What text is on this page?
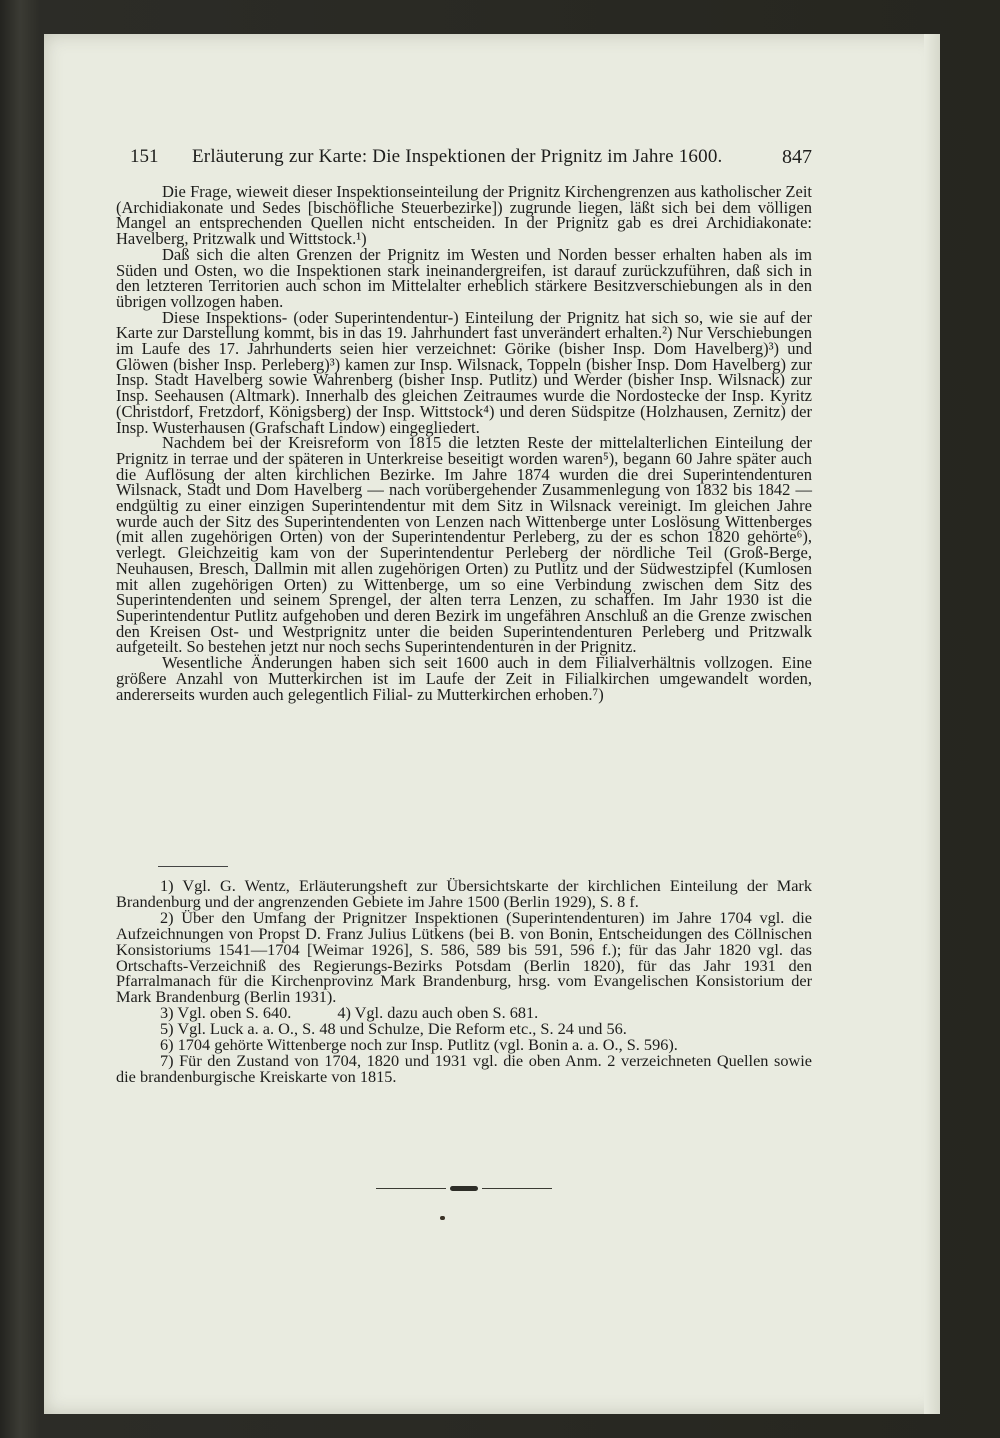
151 Erläuterung zur Karte: Die Inspektionen der Prignitz im Jahre 1600.	847

Die Frage, wieweit dieser Inspektionseinteilung der Prignitz Kirchengrenzen aus katholischer Zeit (Archidiakonate und Sedes [bischöfliche Steuerbezirke]) zugrunde liegen, läßt sich bei dem völligen Mangel an entsprechenden Quellen nicht entscheiden. In der Prignitz gab es drei Archidiakonate: Havelberg, Pritzwalk und Wittstock.¹)

Daß sich die alten Grenzen der Prignitz im Westen und Norden besser erhalten haben als im Süden und Osten, wo die Inspektionen stark ineinandergreifen, ist darauf zurückzuführen, daß sich in den letzteren Territorien auch schon im Mittelalter erheblich stärkere Besitzverschiebungen als in den übrigen vollzogen haben.

Diese Inspektions- (oder Superintendentur-) Einteilung der Prignitz hat sich so, wie sie auf der Karte zur Darstellung kommt, bis in das 19. Jahrhundert fast unverändert erhalten.²) Nur Verschiebungen im Laufe des 17. Jahrhunderts seien hier verzeichnet: Görike (bisher Insp. Dom Havelberg)³) und Glöwen (bisher Insp. Perleberg)³) kamen zur Insp. Wilsnack, Toppeln (bisher Insp. Dom Havelberg) zur Insp. Stadt Havelberg sowie Wahrenberg (bisher Insp. Putlitz) und Werder (bisher Insp. Wilsnack) zur Insp. Seehausen (Altmark). Innerhalb des gleichen Zeitraumes wurde die Nordostecke der Insp. Kyritz (Christdorf, Fretzdorf, Königsberg) der Insp. Wittstock⁴) und deren Südspitze (Holzhausen, Zernitz) der Insp. Wusterhausen (Grafschaft Lindow) eingegliedert.

Nachdem bei der Kreisreform von 1815 die letzten Reste der mittelalterlichen Einteilung der Prignitz in terrae und der späteren in Unterkreise beseitigt worden waren⁵), begann 60 Jahre später auch die Auflösung der alten kirchlichen Bezirke. Im Jahre 1874 wurden die drei Superintendenturen Wilsnack, Stadt und Dom Havelberg — nach vorübergehender Zusammenlegung von 1832 bis 1842 — endgültig zu einer einzigen Superintendentur mit dem Sitz in Wilsnack vereinigt. Im gleichen Jahre wurde auch der Sitz des Superintendenten von Lenzen nach Wittenberge unter Loslösung Wittenberges (mit allen zugehörigen Orten) von der Superintendentur Perleberg, zu der es schon 1820 gehörte⁶), verlegt. Gleichzeitig kam von der Superintendentur Perleberg der nördliche Teil (Groß-Berge, Neuhausen, Bresch, Dallmin mit allen zugehörigen Orten) zu Putlitz und der Südwestzipfel (Kumlosen mit allen zugehörigen Orten) zu Wittenberge, um so eine Verbindung zwischen dem Sitz des Superintendenten und seinem Sprengel, der alten terra Lenzen, zu schaffen. Im Jahr 1930 ist die Superintendentur Putlitz aufgehoben und deren Bezirk im ungefähren Anschluß an die Grenze zwischen den Kreisen Ost- und Westprignitz unter die beiden Superintendenturen Perleberg und Pritzwalk aufgeteilt. So bestehen jetzt nur noch sechs Superintendenturen in der Prignitz.

Wesentliche Änderungen haben sich seit 1600 auch in dem Filialverhältnis vollzogen. Eine größere Anzahl von Mutterkirchen ist im Laufe der Zeit in Filialkirchen umgewandelt worden, andererseits wurden auch gelegentlich Filial- zu Mutterkirchen erhoben.⁷)

1) Vgl. G. Wentz, Erläuterungsheft zur Übersichtskarte der kirchlichen Einteilung der Mark Brandenburg und der angrenzenden Gebiete im Jahre 1500 (Berlin 1929), S. 8 f.

2) Über den Umfang der Prignitzer Inspektionen (Superintendenturen) im Jahre 1704 vgl. die Aufzeichnungen von Propst D. Franz Julius Lütkens (bei B. von Bonin, Entscheidungen des Cöllnischen Konsistoriums 1541—1704 [Weimar 1926], S. 586, 589 bis 591, 596 f.); für das Jahr 1820 vgl. das Ortschafts-Verzeichniß des Regierungs-Bezirks Potsdam (Berlin 1820), für das Jahr 1931 den Pfarralmanach für die Kirchenprovinz Mark Brandenburg, hrsg. vom Evangelischen Konsistorium der Mark Brandenburg (Berlin 1931).

3) Vgl. oben S. 640.	4) Vgl. dazu auch oben S. 681.

5) Vgl. Luck a. a. O., S. 48 und Schulze, Die Reform etc., S. 24 und 56.

6) 1704 gehörte Wittenberge noch zur Insp. Putlitz (vgl. Bonin a. a. O., S. 596).

7) Für den Zustand von 1704, 1820 und 1931 vgl. die oben Anm. 2 verzeichneten Quellen sowie die brandenburgische Kreiskarte von 1815.
